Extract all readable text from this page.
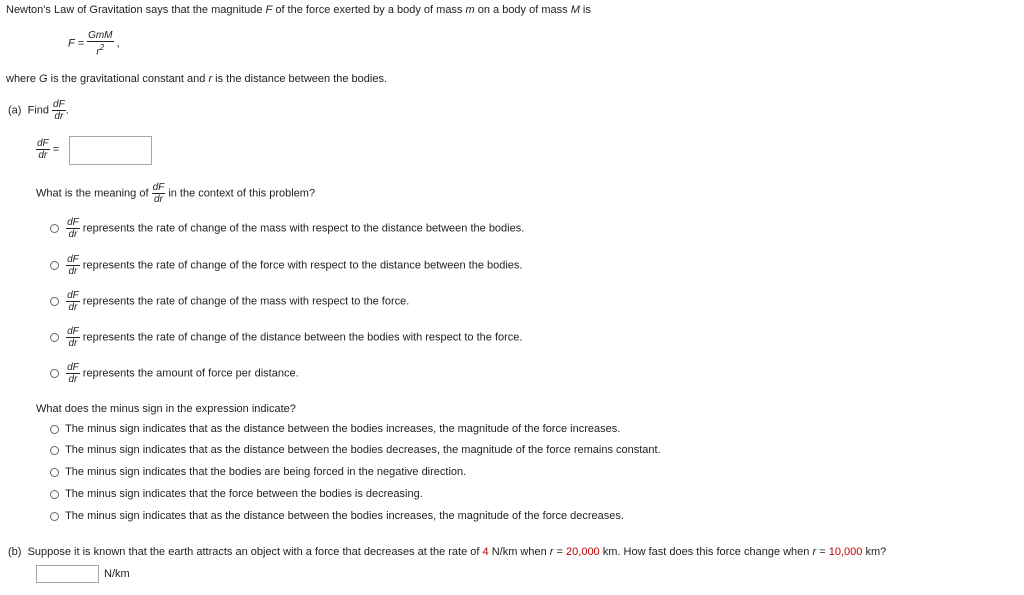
Newton's Law of Gravitation says that the magnitude F of the force exerted by a body of mass m on a body of mass M is
$F = \frac{\text{GmM}}{r^2}$ ,
where G is the gravitational constant and r is the distance between the bodies.
(a) Find $\frac{dF}{dr}$ .
$\frac{dF}{dr}$ =
What is the meaning of $\frac{dF}{dr}$ in the context of this problem?

$\frac{dF}{dr}$ represents the rate of change of the mass with respect to the distance between the bodies.

$\frac{dF}{dr}$ represents the rate of change of the force with respect to the distance between the bodies.

$\frac{dF}{dr}$ represents the rate of change of the mass with respect to the force.

$\frac{dF}{dr}$ represents the rate of change of the distance between the bodies with respect to the force.

$\frac{dF}{dr}$ represents the amount of force per distance.
What does the minus sign in the expression indicate?
The minus sign indicates that as the distance between the bodies increases, the magnitude of the force increases.
The minus sign indicates that as the distance between the bodies decreases, the magnitude of the force remains constant.
The minus sign indicates that the bodies are being forced in the negative direction.
The minus sign indicates that the force between the bodies is decreasing.
The minus sign indicates that as the distance between the bodies increases, the magnitude of the force decreases.
(b) Suppose it is known that the earth attracts an object with a force that decreases at the rate of 4 N/km when r = 20,000 km. How fast does this force change when r = 10,000 km?
N/km
